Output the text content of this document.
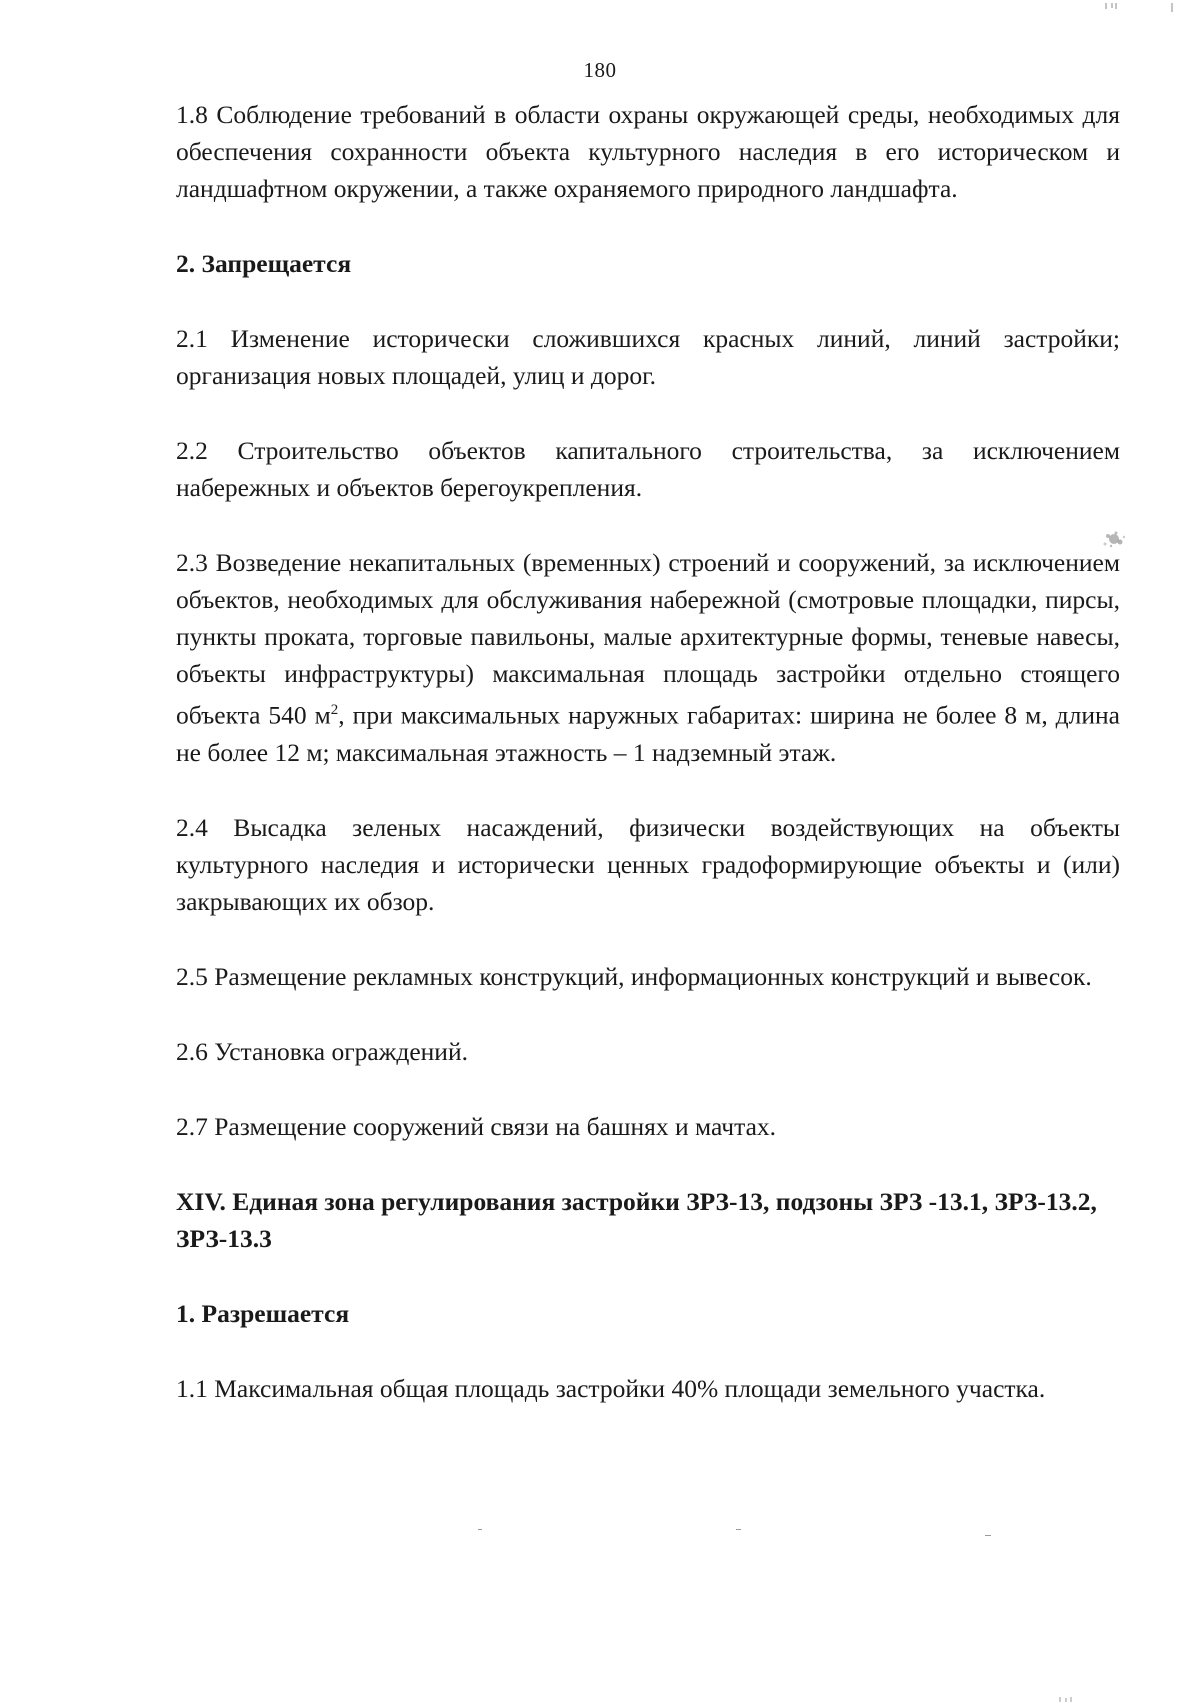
180

1.8 Соблюдение требований в области охраны окружающей среды, необходимых для обеспечения сохранности объекта культурного наследия в его историческом и ландшафтном окружении, а также охраняемого природного ландшафта.

2. Запрещается

2.1 Изменение исторически сложившихся красных линий, линий застройки; организация новых площадей, улиц и дорог.

2.2 Строительство объектов капитального строительства, за исключением набережных и объектов берегоукрепления.

2.3 Возведение некапитальных (временных) строений и сооружений, за исключением объектов, необходимых для обслуживания набережной (смотровые площадки, пирсы, пункты проката, торговые павильоны, малые архитектурные формы, теневые навесы, объекты инфраструктуры) максимальная площадь застройки отдельно стоящего объекта 540 $м^2$, при максимальных наружных габаритах: ширина не более 8 м, длина не более 12 м; максимальная этажность – 1 надземный этаж.

2.4 Высадка зеленых насаждений, физически воздействующих на объекты культурного наследия и исторически ценных градоформирующие объекты и (или) закрывающих их обзор.

2.5 Размещение рекламных конструкций, информационных конструкций и вывесок.

2.6 Установка ограждений.

2.7 Размещение сооружений связи на башнях и мачтах.

XIV. Единая зона регулирования застройки ЗРЗ-13, подзоны ЗРЗ -13.1, ЗРЗ-13.2, ЗРЗ-13.3

1. Разрешается

1.1 Максимальная общая площадь застройки 40% площади земельного участка.
